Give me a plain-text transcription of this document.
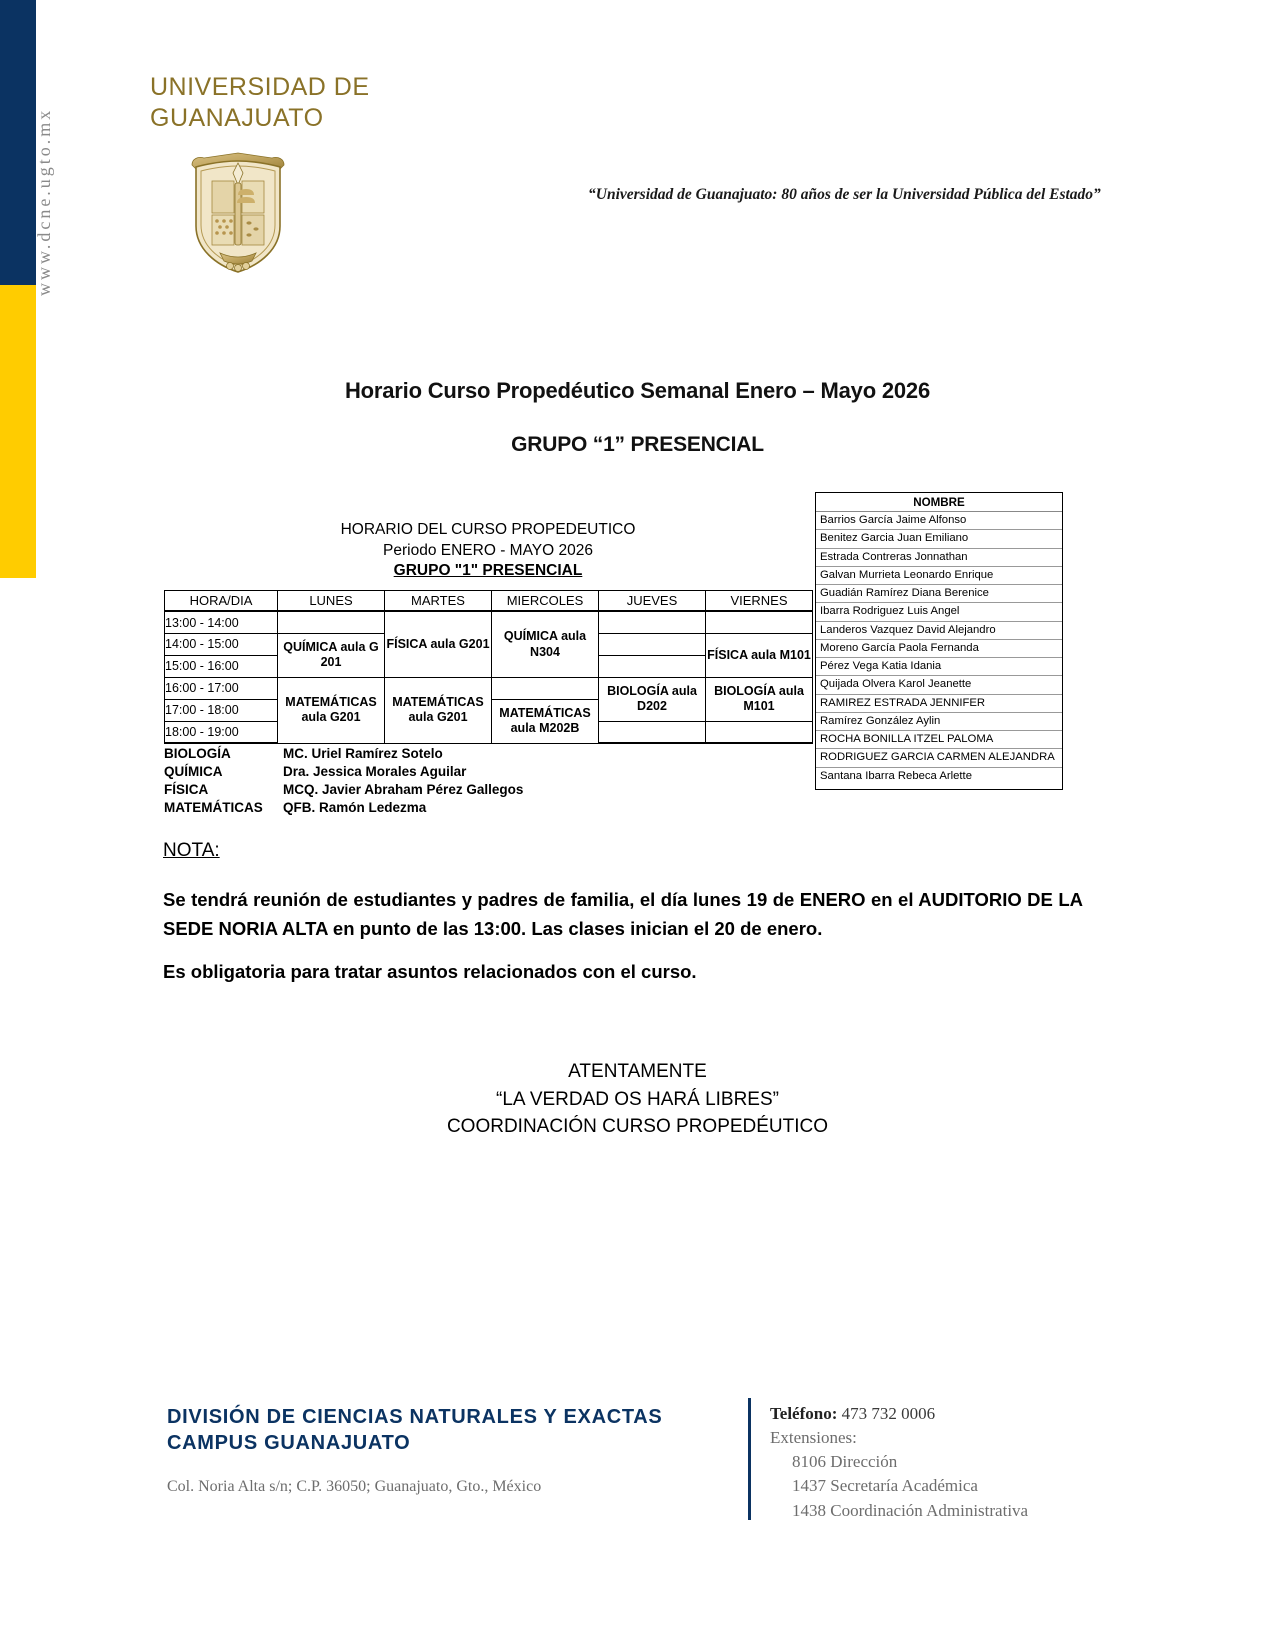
www.dcne.ugto.mx
UNIVERSIDAD DE
GUANAJUATO
“Universidad de Guanajuato: 80 años de ser la Universidad Pública del Estado”
Horario Curso Propedéutico Semanal Enero – Mayo 2026
GRUPO “1” PRESENCIAL
HORARIO DEL CURSO PROPEDEUTICO
Periodo ENERO - MAYO 2026
GRUPO "1" PRESENCIAL
HORA/DIA	LUNES	MARTES	MIERCOLES	JUEVES	VIERNES
13:00 - 14:00		FÍSICA aula G201	QUÍMICA aula N304		
14:00 - 15:00	QUÍMICA aula G 201				FÍSICA aula M101
15:00 - 16:00					
16:00 - 17:00	MATEMÁTICAS aula G201	MATEMÁTICAS aula G201		BIOLOGÍA aula D202	BIOLOGÍA aula M101
17:00 - 18:00			MATEMÁTICAS aula M202B		
18:00 - 19:00					
BIOLOGÍA	MC. Uriel Ramírez Sotelo
QUÍMICA	Dra. Jessica Morales Aguilar
FÍSICA	MCQ. Javier Abraham Pérez Gallegos
MATEMÁTICAS	QFB. Ramón Ledezma
NOMBRE
Barrios García Jaime Alfonso
Benitez Garcia Juan Emiliano
Estrada Contreras Jonnathan
Galvan Murrieta Leonardo Enrique
Guadián Ramírez Diana Berenice
Ibarra Rodriguez Luis Angel
Landeros Vazquez David Alejandro
Moreno García Paola Fernanda
Pérez Vega Katia Idania
Quijada Olvera Karol Jeanette
RAMIREZ ESTRADA JENNIFER
Ramírez González Aylin
ROCHA BONILLA ITZEL PALOMA
RODRIGUEZ GARCIA CARMEN ALEJANDRA
Santana Ibarra Rebeca Arlette
NOTA:
Se tendrá reunión de estudiantes y padres de familia, el día lunes 19 de ENERO en el AUDITORIO DE LA SEDE NORIA ALTA en punto de las 13:00. Las clases inician el 20 de enero.
Es obligatoria para tratar asuntos relacionados con el curso.
ATENTAMENTE
“LA VERDAD OS HARÁ LIBRES”
COORDINACIÓN CURSO PROPEDÉUTICO
DIVISIÓN DE CIENCIAS NATURALES Y EXACTAS
CAMPUS GUANAJUATO
Col. Noria Alta s/n; C.P. 36050; Guanajuato, Gto., México
Teléfono: 473 732 0006
Extensiones:
8106 Dirección
1437 Secretaría Académica
1438 Coordinación Administrativa
